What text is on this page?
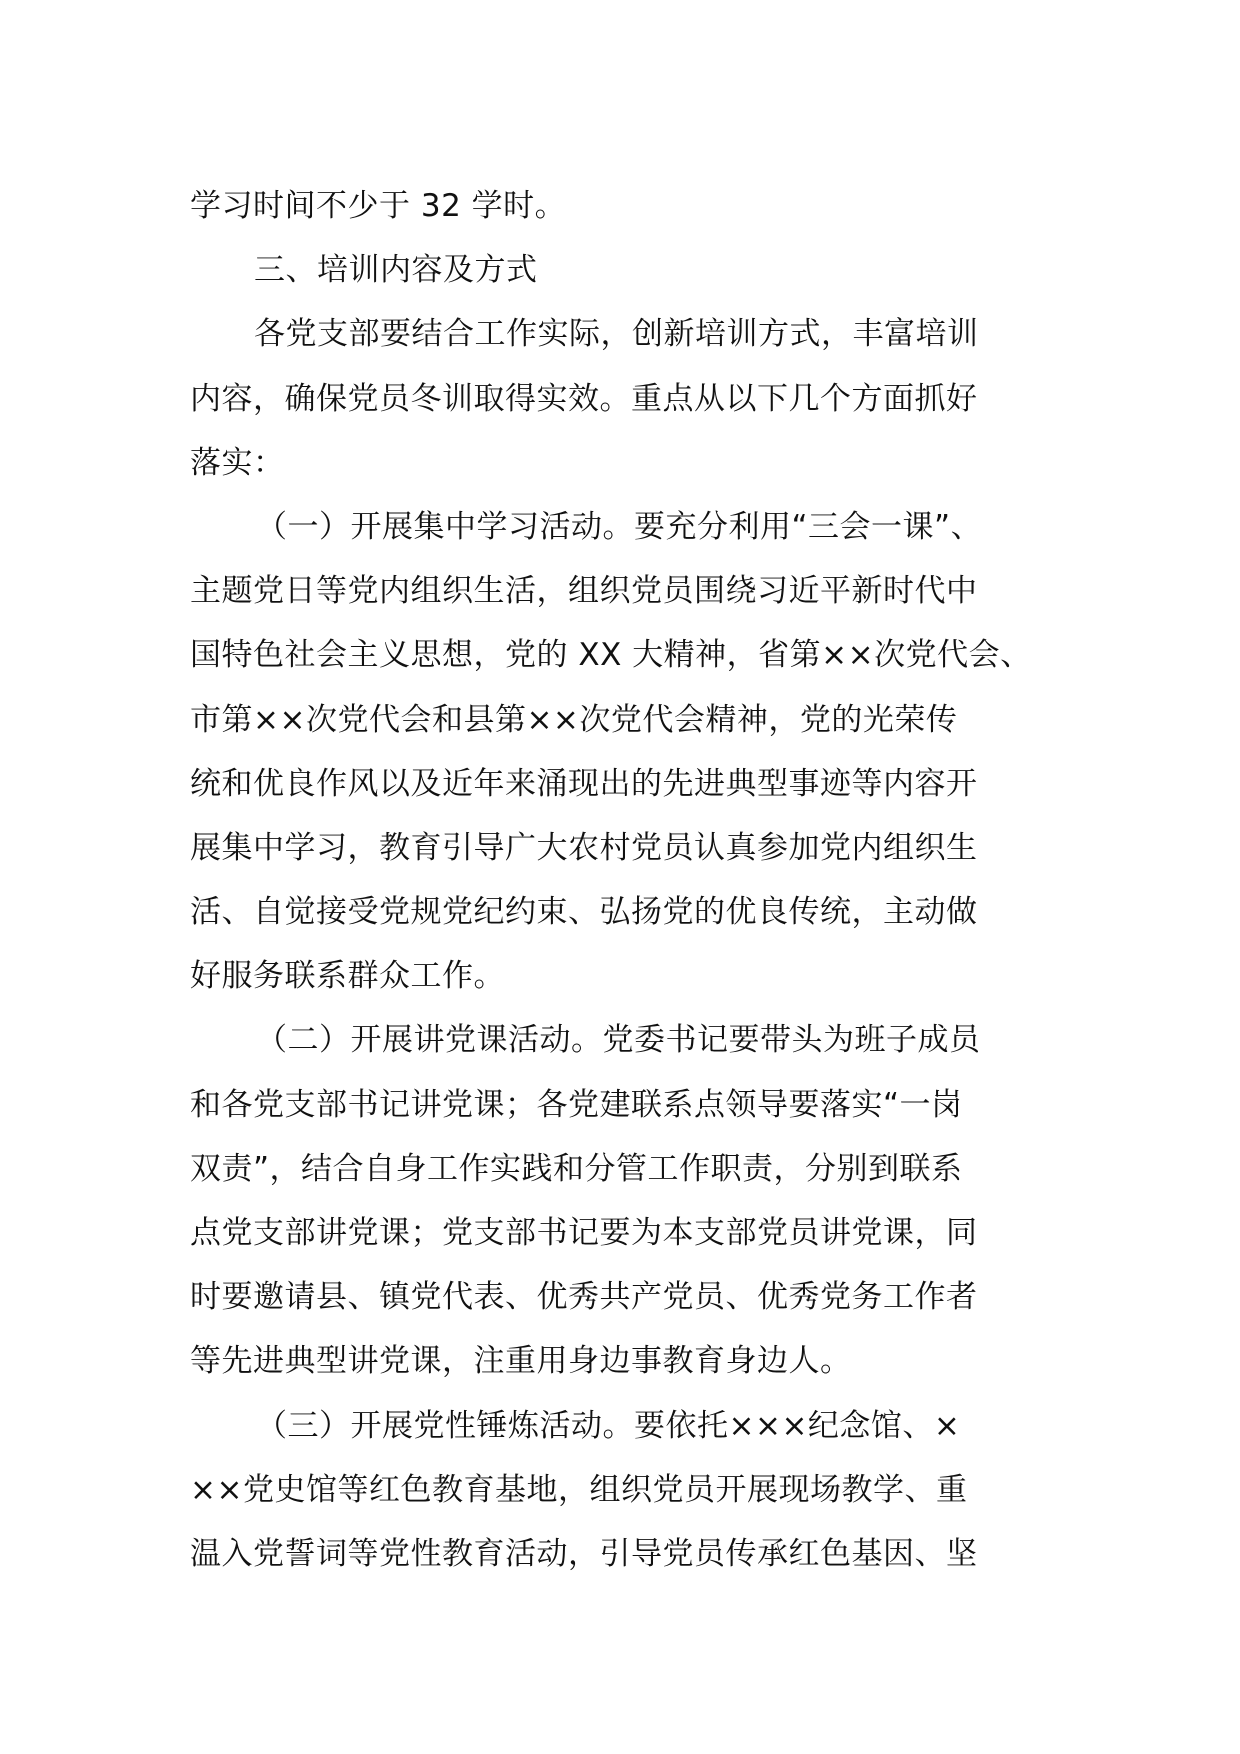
学习时间不少于 32 学时。
三、培训内容及方式
各党支部要结合工作实际，创新培训方式，丰富培训
内容，确保党员冬训取得实效。重点从以下几个方面抓好
落实：
（一）开展集中学习活动。要充分利用“三会一课”、
主题党日等党内组织生活，组织党员围绕习近平新时代中
国特色社会主义思想，党的 XX 大精神，省第××次党代会、
市第××次党代会和县第××次党代会精神，党的光荣传
统和优良作风以及近年来涌现出的先进典型事迹等内容开
展集中学习，教育引导广大农村党员认真参加党内组织生
活、自觉接受党规党纪约束、弘扬党的优良传统，主动做
好服务联系群众工作。
（二）开展讲党课活动。党委书记要带头为班子成员
和各党支部书记讲党课；各党建联系点领导要落实“一岗
双责”，结合自身工作实践和分管工作职责，分别到联系
点党支部讲党课；党支部书记要为本支部党员讲党课，同
时要邀请县、镇党代表、优秀共产党员、优秀党务工作者
等先进典型讲党课，注重用身边事教育身边人。
（三）开展党性锤炼活动。要依托×××纪念馆、×
××党史馆等红色教育基地，组织党员开展现场教学、重
温入党誓词等党性教育活动，引导党员传承红色基因、坚
